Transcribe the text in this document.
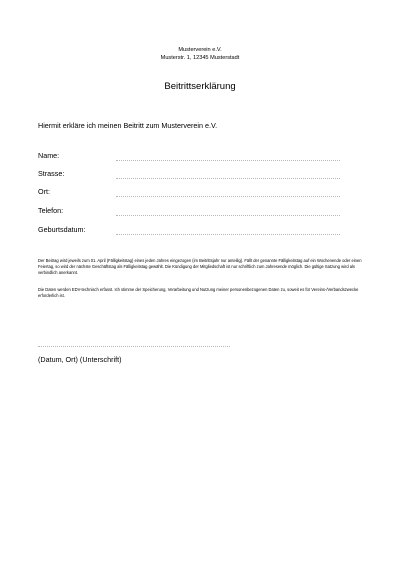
Musterverein e.V.
Musterstr. 1, 12345 Musterstadt
Beitrittserklärung
Hiermit erkläre ich meinen Beitritt zum Musterverein e.V.
Name:
Strasse:
Ort:
Telefon:
Geburtsdatum:
Der Beitrag wird jeweils zum 01. April (Fälligkeitstag) eines jeden Jahres eingezogen (im Beitrittsjahr nur anteilig). Fällt der genannte Fälligkeitstag auf ein Wochenende oder einen Feiertag, so wird der nächste Geschäftstag als Fälligkeitstag gewählt. Die Kündigung der Mitgliedschaft ist nur schriftlich zum Jahresende möglich. Die gültige Satzung wird als verbindlich anerkannt.
Die Daten werden EDV-technisch erfasst. Ich stimme der Speicherung, Verarbeitung und Nutzung meiner personenbezogenen Daten zu, soweit es für Vereins-/Verbandszwecke erforderlich ist.
(Datum, Ort) (Unterschrift)
